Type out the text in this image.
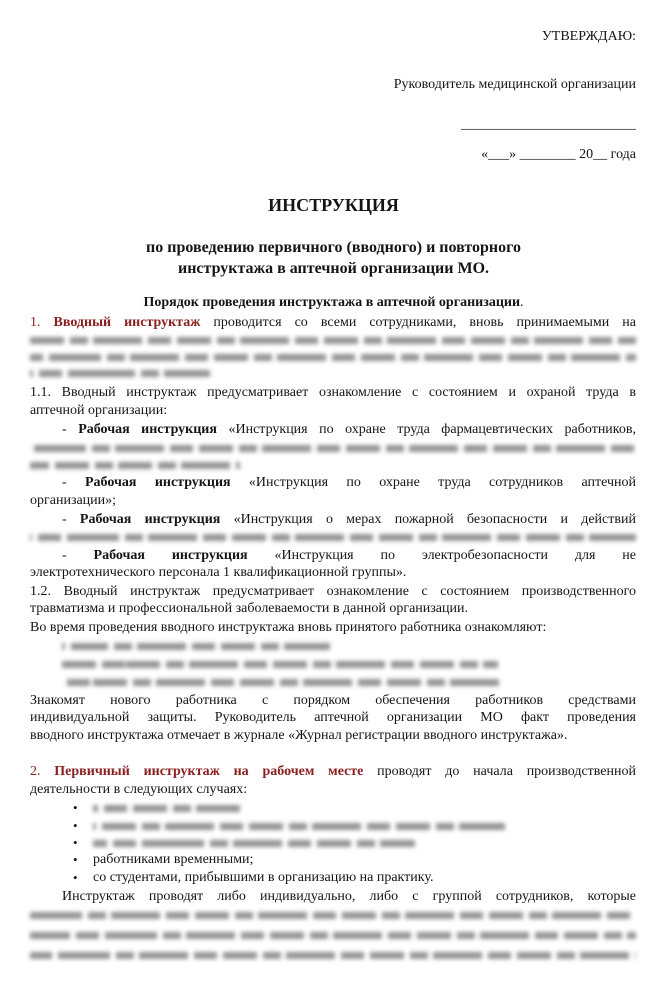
УТВЕРЖДАЮ:
Руководитель медицинской организации
_________________________
«___» ________ 20__ года
ИНСТРУКЦИЯ
по проведению первичного (вводного) и повторного
инструктажа в аптечной организации МО.
Порядок проведения инструктажа в аптечной организации.
1. Вводный инструктаж проводится со всеми сотрудниками, вновь принимаемыми на
1.1. Вводный инструктаж предусматривает ознакомление с состоянием и охраной труда в
аптечной организации:
- Рабочая инструкция «Инструкция по охране труда фармацевтических работников,
- Рабочая инструкция «Инструкция по охране труда сотрудников аптечной
организации»;
- Рабочая инструкция «Инструкция о мерах пожарной безопасности и действий
- Рабочая инструкция «Инструкция по электробезопасности для не
электротехнического персонала 1 квалификационной группы».
1.2. Вводный инструктаж предусматривает ознакомление с состоянием производственного
травматизма и профессиональной заболеваемости в данной организации.
Во время проведения вводного инструктажа вновь принятого работника ознакомляют:
Знакомят нового работника с порядком обеспечения работников средствами
индивидуальной защиты. Руководитель аптечной организации МО факт проведения
вводного инструктажа отмечает в журнале «Журнал регистрации вводного инструктажа».
2. Первичный инструктаж на рабочем месте проводят до начала производственной
деятельности в следующих случаях:
•
•
•
• работниками временными;
• со студентами, прибывшими в организацию на практику.
Инструктаж проводят либо индивидуально, либо с группой сотрудников, которые
